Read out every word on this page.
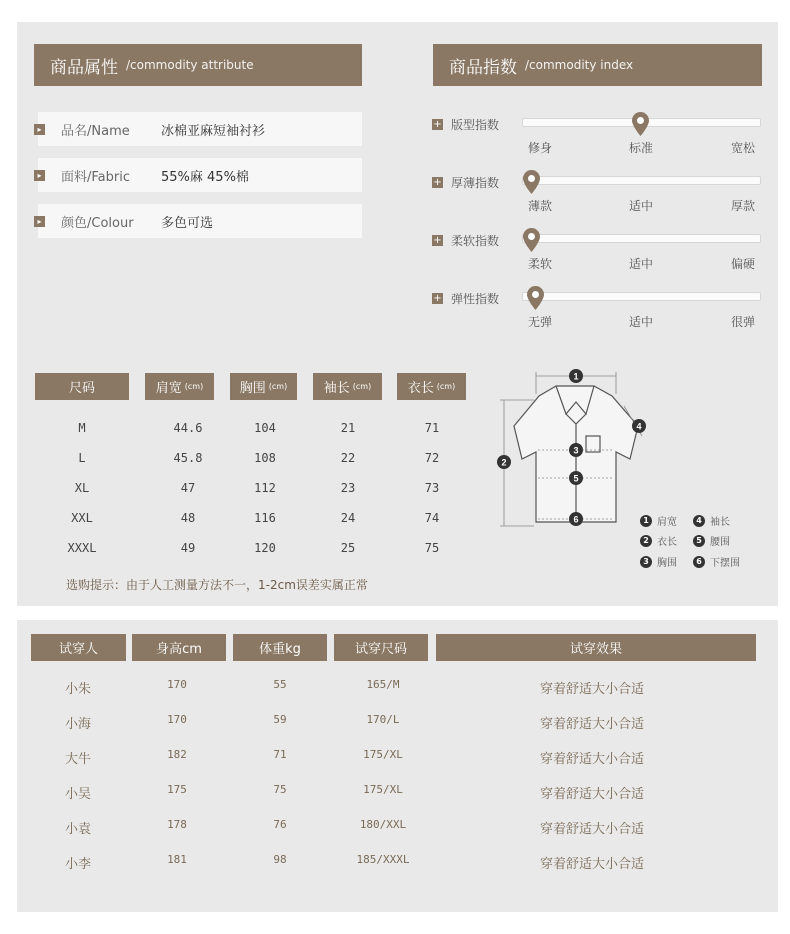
商品属性 /commodity attribute
▸ 品名/Name	冰棉亚麻短袖衬衫
▸ 面料/Fabric	55%麻 45%棉
▸ 颜色/Colour	多色可选
商品指数 /commodity index
+ 版型指数
修身	标准	宽松
+ 厚薄指数
薄款	适中	厚款
+ 柔软指数
柔软	适中	偏硬
+ 弹性指数
无弹	适中	很弹
尺码	肩宽 (cm)	胸围 (cm)	袖长 (cm)	衣长 (cm)
M	44.6	104	21	71
L	45.8	108	22	72
XL	47	112	23	73
XXL	48	116	24	74
XXXL	49	120	25	75
选购提示：由于人工测量方法不一，1-2cm误差实属正常
1
2
3
4
5
6	1 肩宽	4 袖长
2 衣长	5 腰围
3 胸围	6 下摆围
试穿人	身高cm	体重kg	试穿尺码	试穿效果
小朱	170	55	165/M	穿着舒适大小合适
小海	170	59	170/L	穿着舒适大小合适
大牛	182	71	175/XL	穿着舒适大小合适
小吴	175	75	175/XL	穿着舒适大小合适
小袁	178	76	180/XXL	穿着舒适大小合适
小李	181	98	185/XXXL	穿着舒适大小合适
